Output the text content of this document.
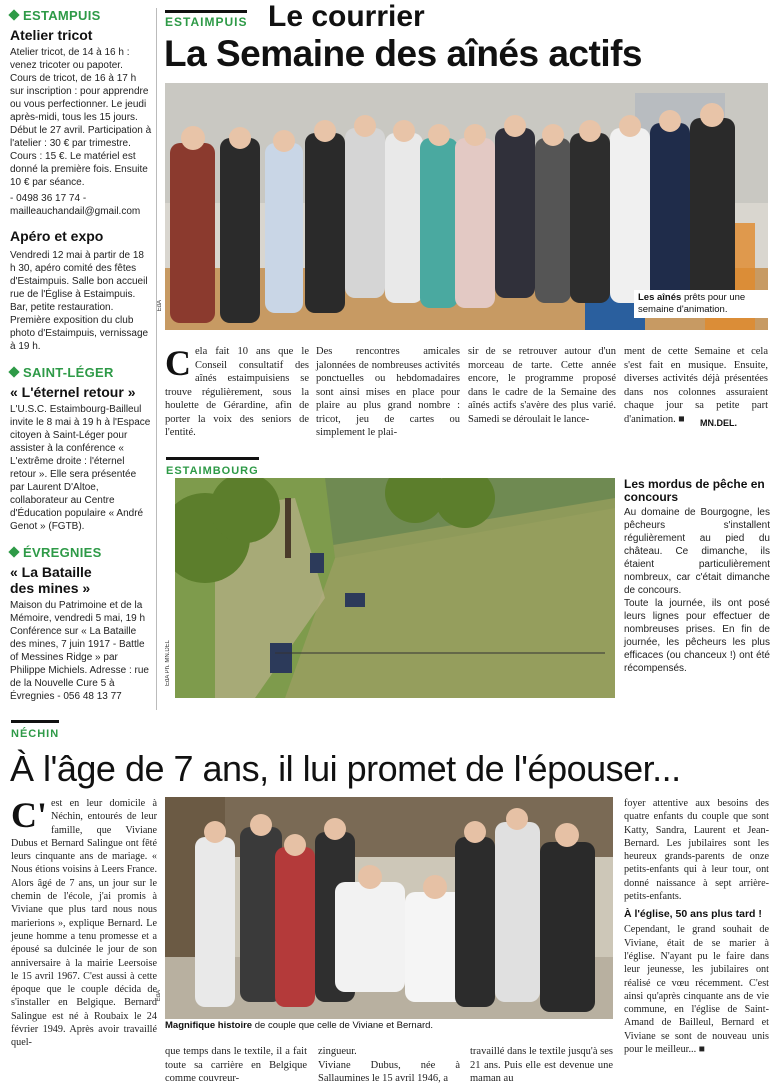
ESTAMPUIS
Atelier tricot
Atelier tricot, de 14 à 16 h : venez tricoter ou papoter. Cours de tricot, de 16 à 17 h sur inscription : pour apprendre ou vous perfectionner. Le jeudi après-midi, tous les 15 jours. Début le 27 avril. Participation à l'atelier : 30 € par trimestre. Cours : 15 €. Le matériel est donné la première fois. Ensuite 10 € par séance.
- 0498 36 17 74 -
mailleauchandail@gmail.com
Apéro et expo
Vendredi 12 mai à partir de 18 h 30, apéro comité des fêtes d'Estaimpuis. Salle bon accueil rue de l'Église à Estaimpuis. Bar, petite restauration. Première exposition du club photo d'Estaimpuis, vernissage à 19 h.
SAINT-LÉGER
« L'éternel retour »
L'U.S.C. Estaimbourg-Bailleul invite le 8 mai à 19 h à l'Espace citoyen à Saint-Léger pour assister à la conférence « L'extrême droite : l'éternel retour ». Elle sera présentée par Laurent D'Altoe, collaborateur au Centre d'Éducation populaire « André Genot » (FGTB).
ÉVREGNIES
« La Bataille
des mines »
Maison du Patrimoine et de la Mémoire, vendredi 5 mai, 19 h Conférence sur « La Bataille des mines, 7 juin 1917 - Battle of Messines Ridge » par Philippe Michiels. Adresse : rue de la Nouvelle Cure 5 à Évregnies - 056 48 13 77
ESTAIMPUIS Le courrier
La Semaine des aînés actifs
EdA
Les aînés prêts pour une semaine d'animation.
Cela fait 10 ans que le Conseil consultatif des aînés estaimpuisiens se trouve régulièrement, sous la houlette de Gérardine, afin de porter la voix des seniors de l'entité.
Des rencontres amicales jalonnées de nombreuses activités ponctuelles ou hebdomadaires sont ainsi mises en place pour plaire au plus grand nombre : tricot, jeu de cartes ou simplement le plai-
sir de se retrouver autour d'un morceau de tarte. Cette année encore, le programme proposé dans le cadre de la Semaine des aînés actifs s'avère des plus varié. Samedi se déroulait le lance-
ment de cette Semaine et cela s'est fait en musique. Ensuite, diverses activités déjà présentées dans nos colonnes assuraient chaque jour sa petite part d'animation. ■	MN.DEL.
ESTAIMBOURG
EdA Ph. MN.DEL
Les mordus de pêche en concours
Au domaine de Bourgogne, les pêcheurs s'installent régulièrement au pied du château. Ce dimanche, ils étaient particulièrement nombreux, car c'était dimanche de concours.
Toute la journée, ils ont posé leurs lignes pour effectuer de nombreuses prises. En fin de journée, les pêcheurs les plus efficaces (ou chanceux !) ont été récompensés.
NÉCHIN
À l'âge de 7 ans, il lui promet de l'épouser...
C' est en leur domicile à Néchin, entourés de leur famille, que Viviane Dubus et Bernard Salingue ont fêté leurs cinquante ans de mariage. « Nous étions voisins à Leers France. Alors âgé de 7 ans, un jour sur le chemin de l'école, j'ai promis à Viviane que plus tard nous nous marierions », explique Bernard. Le jeune homme a tenu promesse et a épousé sa dulcinée le jour de son anniversaire à la mairie Leersoise le 15 avril 1967. C'est aussi à cette époque que le couple décida de s'installer en Belgique. Bernard Salingue est né à Roubaix le 24 février 1949. Après avoir travaillé quel-
EdA
Magnifique histoire de couple que celle de Viviane et Bernard.
que temps dans le textile, il a fait toute sa carrière en Belgique comme couvreur-
zingueur.
Viviane Dubus, née à Sallaumines le 15 avril 1946, a
travaillé dans le textile jusqu'à ses 21 ans. Puis elle est devenue une maman au
foyer attentive aux besoins des quatre enfants du couple que sont Katty, Sandra, Laurent et Jean-Bernard. Les jubilaires sont les heureux grands-parents de onze petits-enfants qui à leur tour, ont donné naissance à sept arrière-petits-enfants.
À l'église, 50 ans plus tard !
Cependant, le grand souhait de Viviane, était de se marier à l'église. N'ayant pu le faire dans leur jeunesse, les jubilaires ont réalisé ce vœu récemment. C'est ainsi qu'après cinquante ans de vie commune, en l'église de Saint-Amand de Bailleul, Bernard et Viviane se sont de nouveau unis pour le meilleur... ■
